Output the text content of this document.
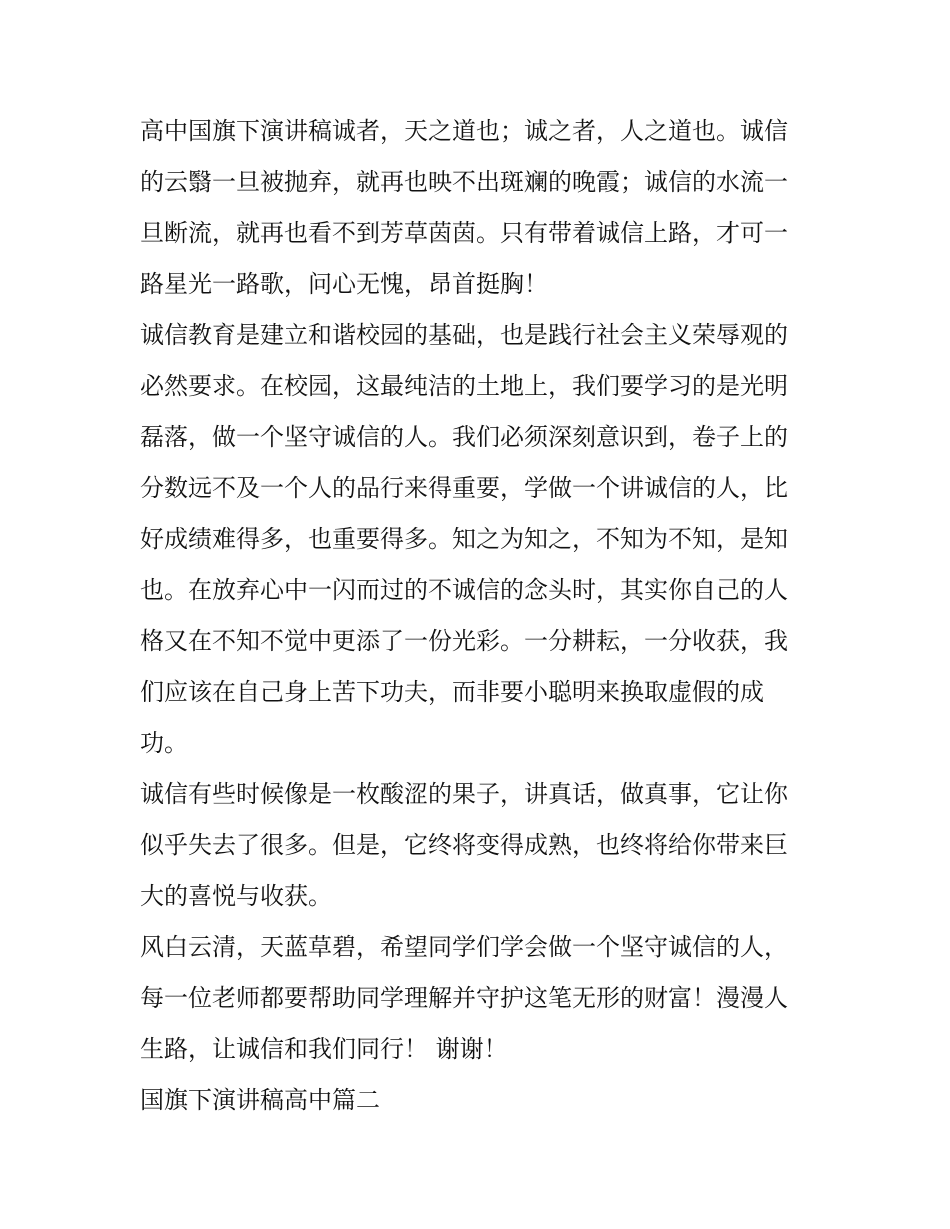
高中国旗下演讲稿诚者，天之道也；诚之者，人之道也。诚信
的云翳一旦被抛弃，就再也映不出斑斓的晚霞；诚信的水流一
旦断流，就再也看不到芳草茵茵。只有带着诚信上路，才可一
路星光一路歌，问心无愧，昂首挺胸！

诚信教育是建立和谐校园的基础，也是践行社会主义荣辱观的
必然要求。在校园，这最纯洁的土地上，我们要学习的是光明
磊落，做一个坚守诚信的人。我们必须深刻意识到，卷子上的
分数远不及一个人的品行来得重要，学做一个讲诚信的人，比
好成绩难得多，也重要得多。知之为知之，不知为不知，是知
也。在放弃心中一闪而过的不诚信的念头时，其实你自己的人
格又在不知不觉中更添了一份光彩。一分耕耘，一分收获，我
们应该在自己身上苦下功夫，而非要小聪明来换取虚假的成
功。

诚信有些时候像是一枚酸涩的果子，讲真话，做真事，它让你
似乎失去了很多。但是，它终将变得成熟，也终将给你带来巨
大的喜悦与收获。

风白云清，天蓝草碧，希望同学们学会做一个坚守诚信的人，
每一位老师都要帮助同学理解并守护这笔无形的财富！漫漫人
生路，让诚信和我们同行！ 谢谢！

国旗下演讲稿高中篇二
